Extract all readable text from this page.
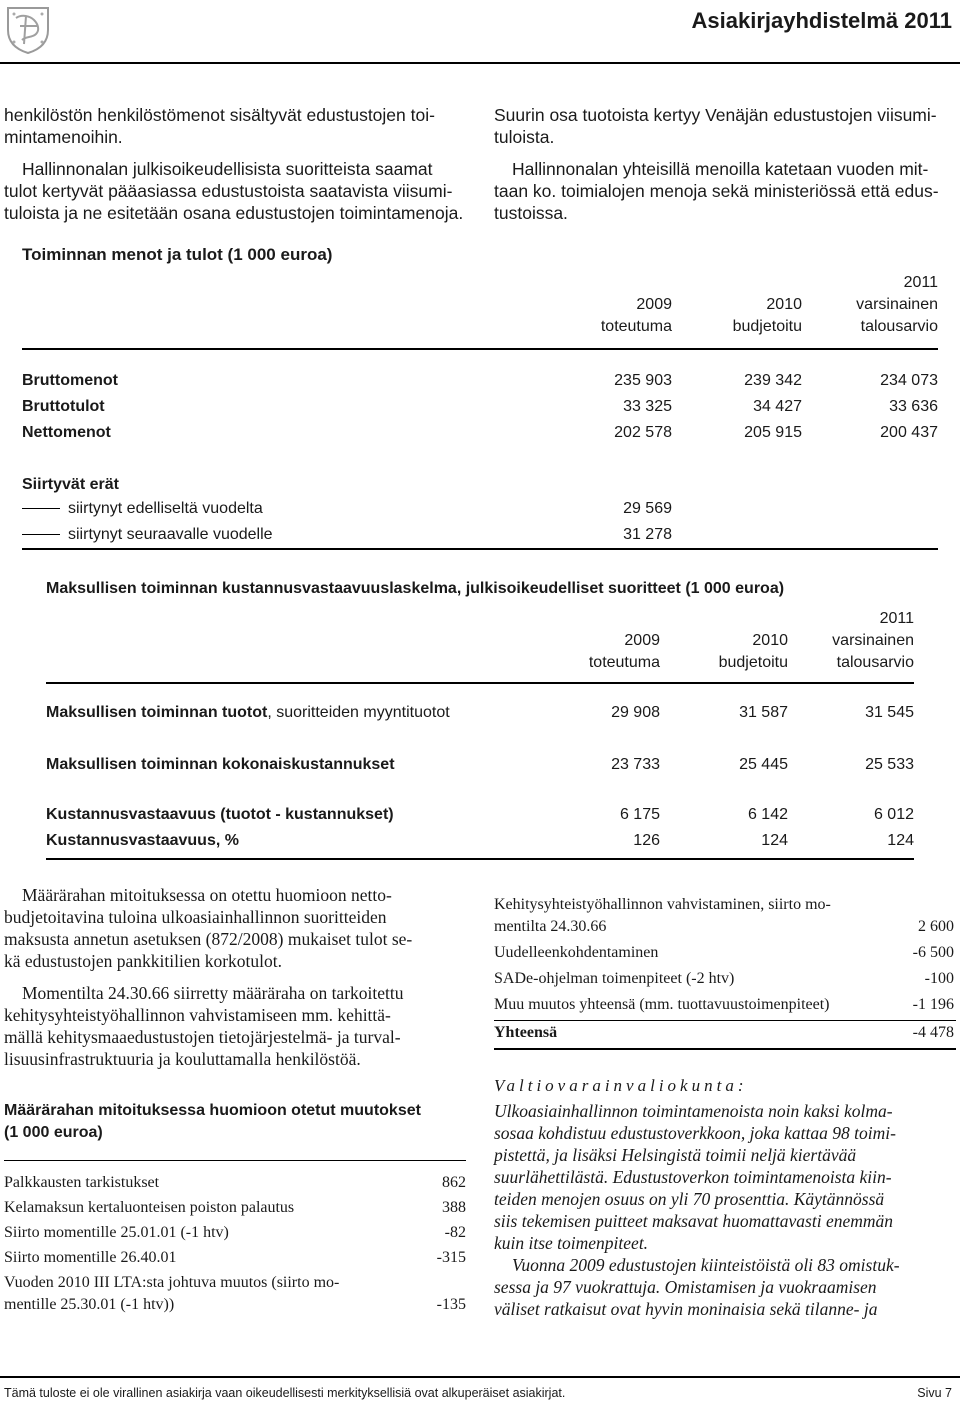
Asiakirjayhdistelmä 2011
henkilöstön henkilöstömenot sisältyvät edustustojen toi-
mintamenoihin.
Hallinnonalan julkisoikeudellisista suoritteista saamat
tulot kertyvät pääasiassa edustustoista saatavista viisumi-
tuloista ja ne esitetään osana edustustojen toimintamenoja.
Suurin osa tuotoista kertyy Venäjän edustustojen viisumi-
tuloista.
Hallinnonalan yhteisillä menoilla katetaan vuoden mit-
taan ko. toimialojen menoja sekä ministeriössä että edus-
tustoissa.
Toiminnan menot ja tulot (1 000 euroa)
2009
toteutuma
2010
budjetoitu
2011
varsinainen
talousarvio
Bruttomenot	235 903	239 342	234 073
Bruttotulot	33 325	34 427	33 636
Nettomenot	202 578	205 915	200 437
Siirtyvät erät
siirtynyt edelliseltä vuodelta	29 569
siirtynyt seuraavalle vuodelle	31 278
Maksullisen toiminnan kustannusvastaavuuslaskelma, julkisoikeudelliset suoritteet (1 000 euroa)
2009
toteutuma
2010
budjetoitu
2011
varsinainen
talousarvio
Maksullisen toiminnan tuotot, suoritteiden myyntituotot	29 908	31 587	31 545
Maksullisen toiminnan kokonaiskustannukset	23 733	25 445	25 533
Kustannusvastaavuus (tuotot - kustannukset)	6 175	6 142	6 012
Kustannusvastaavuus, %	126	124	124
Määrärahan mitoituksessa on otettu huomioon netto-
budjetoitavina tuloina ulkoasiainhallinnon suoritteiden
maksusta annetun asetuksen (872/2008) mukaiset tulot se-
kä edustustojen pankkitilien korkotulot.
Momentilta 24.30.66 siirretty määräraha on tarkoitettu
kehitysyhteistyöhallinnon vahvistamiseen mm. kehittä-
mällä kehitysmaaedustustojen tietojärjestelmä- ja turval-
lisuusinfrastruktuuria ja kouluttamalla henkilöstöä.
Määrärahan mitoituksessa huomioon otetut muutokset
(1 000 euroa)
Palkkausten tarkistukset	862
Kelamaksun kertaluonteisen poiston palautus	388
Siirto momentille 25.01.01 (-1 htv)	-82
Siirto momentille 26.40.01	-315
Vuoden 2010 III LTA:sta johtuva muutos (siirto mo-
mentille 25.30.01 (-1 htv))	-135
Kehitysyhteistyöhallinnon vahvistaminen, siirto mo-
mentilta 24.30.66	2 600
Uudelleenkohdentaminen	-6 500
SADe-ohjelman toimenpiteet (-2 htv)	-100
Muu muutos yhteensä (mm. tuottavuustoimenpiteet)	-1 196
Yhteensä	-4 478
Valtiovarainvaliokunta:
Ulkoasiainhallinnon toimintamenoista noin kaksi kolma-
sosaa kohdistuu edustustoverkkoon, joka kattaa 98 toimi-
pistettä, ja lisäksi Helsingistä toimii neljä kiertävää
suurlähettilästä. Edustustoverkon toimintamenoista kiin-
teiden menojen osuus on yli 70 prosenttia. Käytännössä
siis tekemisen puitteet maksavat huomattavasti enemmän
kuin itse toimenpiteet.
Vuonna 2009 edustustojen kiinteistöistä oli 83 omistuk-
sessa ja 97 vuokrattuja. Omistamisen ja vuokraamisen
väliset ratkaisut ovat hyvin moninaisia sekä tilanne- ja
Tämä tuloste ei ole virallinen asiakirja vaan oikeudellisesti merkityksellisiä ovat alkuperäiset asiakirjat.	Sivu 7
